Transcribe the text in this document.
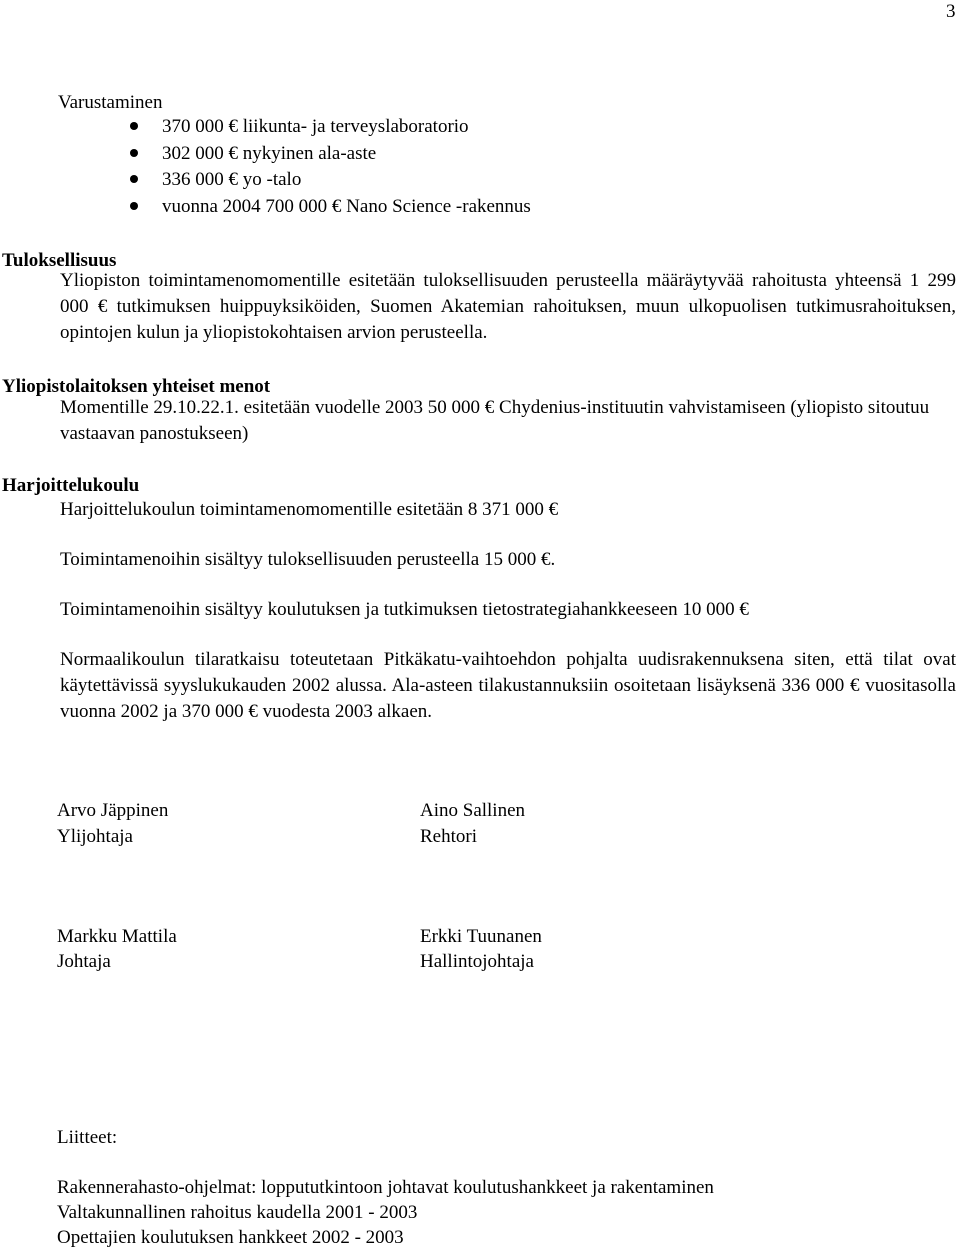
3
Varustaminen
370 000 € liikunta- ja terveyslaboratorio
302 000 € nykyinen ala-aste
336 000 € yo -talo
vuonna 2004 700 000 € Nano Science -rakennus
Tuloksellisuus
Yliopiston toimintamenomomentille esitetään tuloksellisuuden perusteella määräytyvää rahoitusta yhteensä 1 299 000 € tutkimuksen huippuyksiköiden, Suomen Akatemian rahoituksen, muun ulkopuolisen tutkimusrahoituksen, opintojen kulun ja yliopistokohtaisen arvion perusteella.
Yliopistolaitoksen yhteiset menot
Momentille 29.10.22.1. esitetään vuodelle 2003 50 000 € Chydenius-instituutin vahvistamiseen (yliopisto sitoutuu vastaavan panostukseen)
Harjoittelukoulu
Harjoittelukoulun toimintamenomomentille esitetään 8 371 000 €
Toimintamenoihin sisältyy tuloksellisuuden perusteella 15 000 €.
Toimintamenoihin sisältyy koulutuksen ja tutkimuksen tietostrategiahankkeeseen 10 000 €
Normaalikoulun tilaratkaisu toteutetaan Pitkäkatu-vaihtoehdon pohjalta uudisrakennuksena siten, että tilat ovat käytettävissä syyslukukauden 2002 alussa. Ala-asteen tilakustannuksiin osoitetaan lisäyksenä 336 000 € vuositasolla vuonna 2002 ja 370 000 € vuodesta 2003 alkaen.
Arvo Jäppinen
Ylijohtaja
Aino Sallinen
Rehtori
Markku Mattila
Johtaja
Erkki Tuunanen
Hallintojohtaja
Liitteet:
Rakennerahasto-ohjelmat: loppututkintoon johtavat koulutushankkeet ja rakentaminen
Valtakunnallinen rahoitus kaudella 2001 - 2003
Opettajien koulutuksen hankkeet 2002 - 2003
